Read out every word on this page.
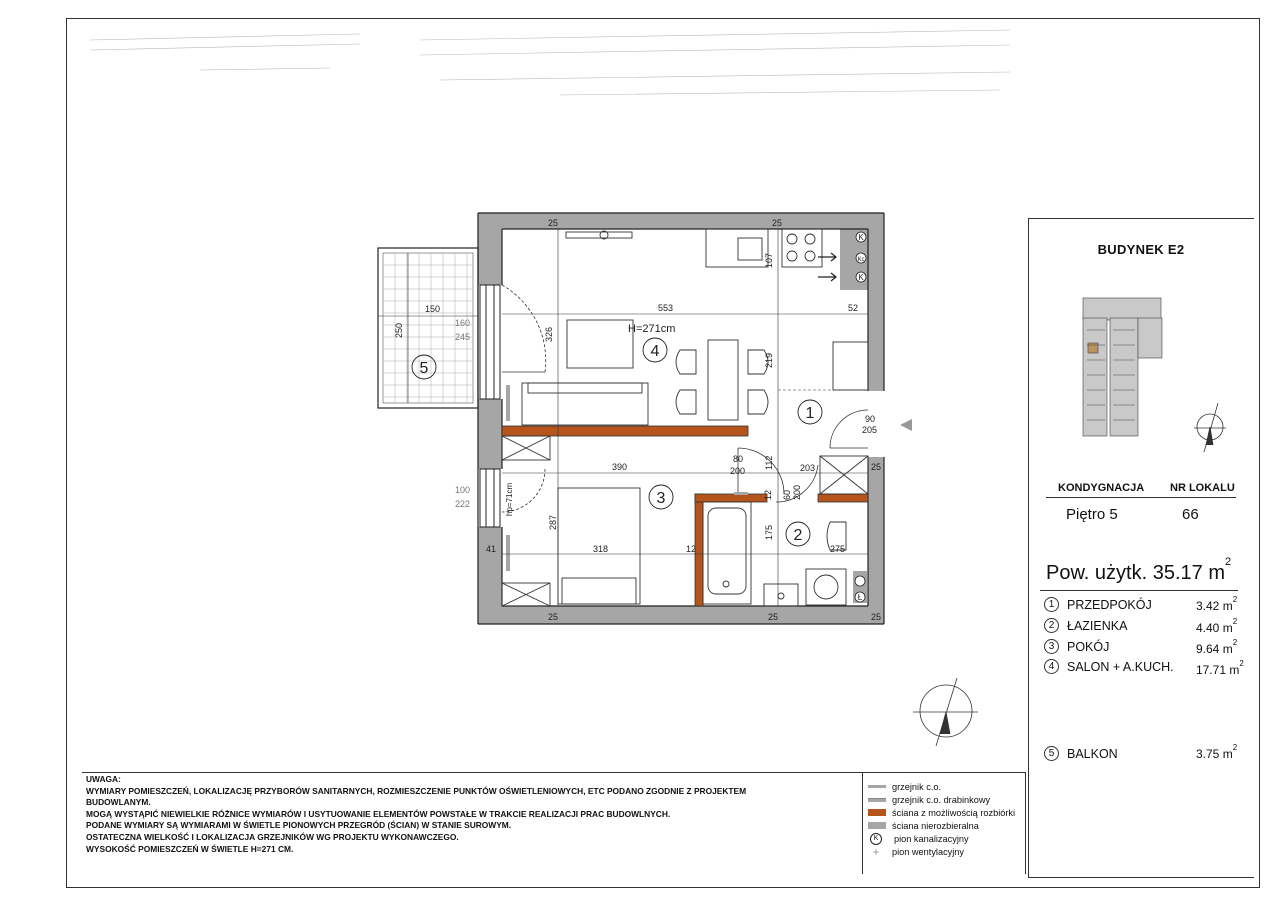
25	25
25	25
25
25
553	52
326
107
219
150
250	160
245
90
205
80
200
112
390	203
60 200
12
12
100
222	hp=71cm
287
318
175
275
41
H=271cm
1
2
3
4
5
K
Kc
K
Ł
BUDYNEK E2
KONDYGNACJA NR LOKALU
Piętro 5	66
Pow. użytk. 35.17 $m^2$
1 PRZEDPOKÓJ	3.42 $m^2$
2 ŁAZIENKA	4.40 $m^2$
3 POKÓJ	9.64 $m^2$
4 SALON + A.KUCH. 17.71 $m^2$
5 BALKON	3.75 $m^2$

UWAGA:

WYMIARY POMIESZCZEŃ, LOKALIZACJĘ PRZYBORÓW SANITARNYCH, ROZMIESZCZENIE PUNKTÓW OŚWIETLENIOWYCH, ETC PODANO ZGODNIE Z PROJEKTEM

BUDOWLANYM.

MOGĄ WYSTĄPIĆ NIEWIELKIE RÓŻNICE WYMIARÓW I USYTUOWANIE ELEMENTÓW POWSTAŁE W TRAKCIE REALIZACJI PRAC BUDOWLNYCH.

PODANE WYMIARY SĄ WYMIARAMI W ŚWIETLE PIONOWYCH PRZEGRÓD (ŚCIAN) W STANIE SUROWYM.

OSTATECZNA WIELKOŚĆ I LOKALIZACJA GRZEJNIKÓW WG PROJEKTU WYKONAWCZEGO.

WYSOKOŚĆ POMIESZCZEŃ W ŚWIETLE H=271 CM.

grzejnik c.o.
grzejnik c.o. drabinkowy
ściana z możliwością rozbiórki
ściana nierozbieralna
K pion kanalizacyjny
+ pion wentylacyjny
